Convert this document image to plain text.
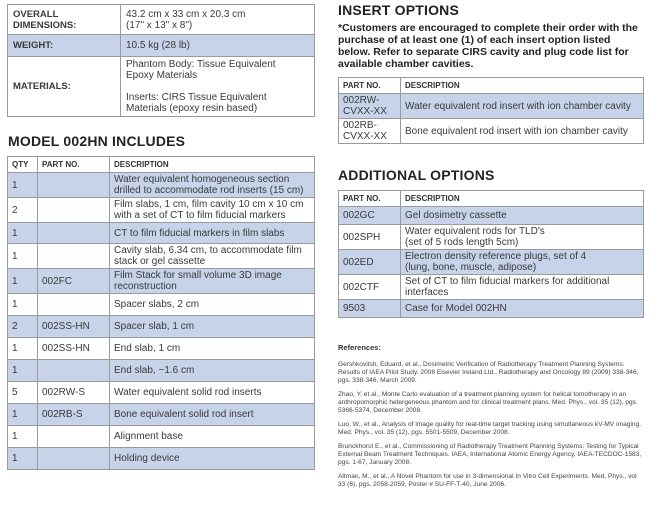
OVERALL DIMENSIONS:	43.2 cm x 33 cm x 20.3 cm
(17" x 13" x 8")
WEIGHT:	10.5 kg (28 lb)
MATERIALS:	Phantom Body: Tissue Equivalent
Epoxy Materials

Inserts: CIRS Tissue Equivalent
Materials (epoxy resin based)
MODEL 002HN INCLUDES
QTY	PART NO.	DESCRIPTION
1		Water equivalent homogeneous section
drilled to accommodate rod inserts (15 cm)
2		Film slabs, 1 cm, film cavity 10 cm x 10 cm
with a set of CT to film fiducial markers
1		CT to film fiducial markers in film slabs
1		Cavity slab, 6.34 cm, to accommodate film
stack or gel cassette
1	002FC	Film Stack for small volume 3D image
reconstruction
1		Spacer slabs, 2 cm
2	002SS-HN	Spacer slab, 1 cm
1	002SS-HN	End slab, 1 cm
1		End slab, ~1.6 cm
5	002RW-S	Water equivalent solid rod inserts
1	002RB-S	Bone equivalent solid rod insert
1		Alignment base
1		Holding device
INSERT OPTIONS
*Customers are encouraged to complete their order with the purchase of at least one (1) of each insert option listed below. Refer to separate CIRS cavity and plug code list for available chamber cavities.
PART NO.	DESCRIPTION
002RW-
CVXX-XX	Water equivalent rod insert with ion chamber cavity
002RB-
CVXX-XX	Bone equivalent rod insert with ion chamber cavity
ADDITIONAL OPTIONS
PART NO.	DESCRIPTION
002GC	Gel dosimetry cassette
002SPH	Water equivalent rods for TLD's
(set of 5 rods length 5cm)
002ED	Electron density reference plugs, set of 4
(lung, bone, muscle, adipose)
002CTF	Set of CT to film fiducial markers for additional
interfaces
9503	Case for Model 002HN
References:

Gershkovitsh, Eduard, et al., Dosimetric Verification of Radiotherapy Treatment Planning Systems: Results of IAEA Pilot Study. 2008 Elsevier Ireland Ltd., Radiotherapy and Oncology 89 (2009) 338-346, pgs. 338-346, March 2009.

Zhao, Y. et al., Monte Carlo evaluation of a treatment planning system for helical tomotherapy in an anthropomorphic hetergeneous phantom and for clinical treatment plans. Med. Phys., vol. 35 (12), pgs. 5366-5374, December 2008.

Luo, W., et al., Analysis of image quality for real-time target tracking using simultaneous kV-MV imaging. Med. Phys., vol. 35 (12), pgs. 5501-5509, December 2008.

Brunckhorst E., et al., Commissioning of Radiotherapy Treatment Planning Systems: Testing for Typical External Beam Treatment Techniques. IAEA, International Atomic Energy Agency, IAEA-TECDOC-1583, pgs. 1-67, January 2008.

Altman, M., et al., A Novel Phantom for use in 3-dimensional In Vitro Cell Experiments. Med. Phys., vol 33 (6), pgs. 2058-2059, Poster # SU-FF-T-40, June 2006.
